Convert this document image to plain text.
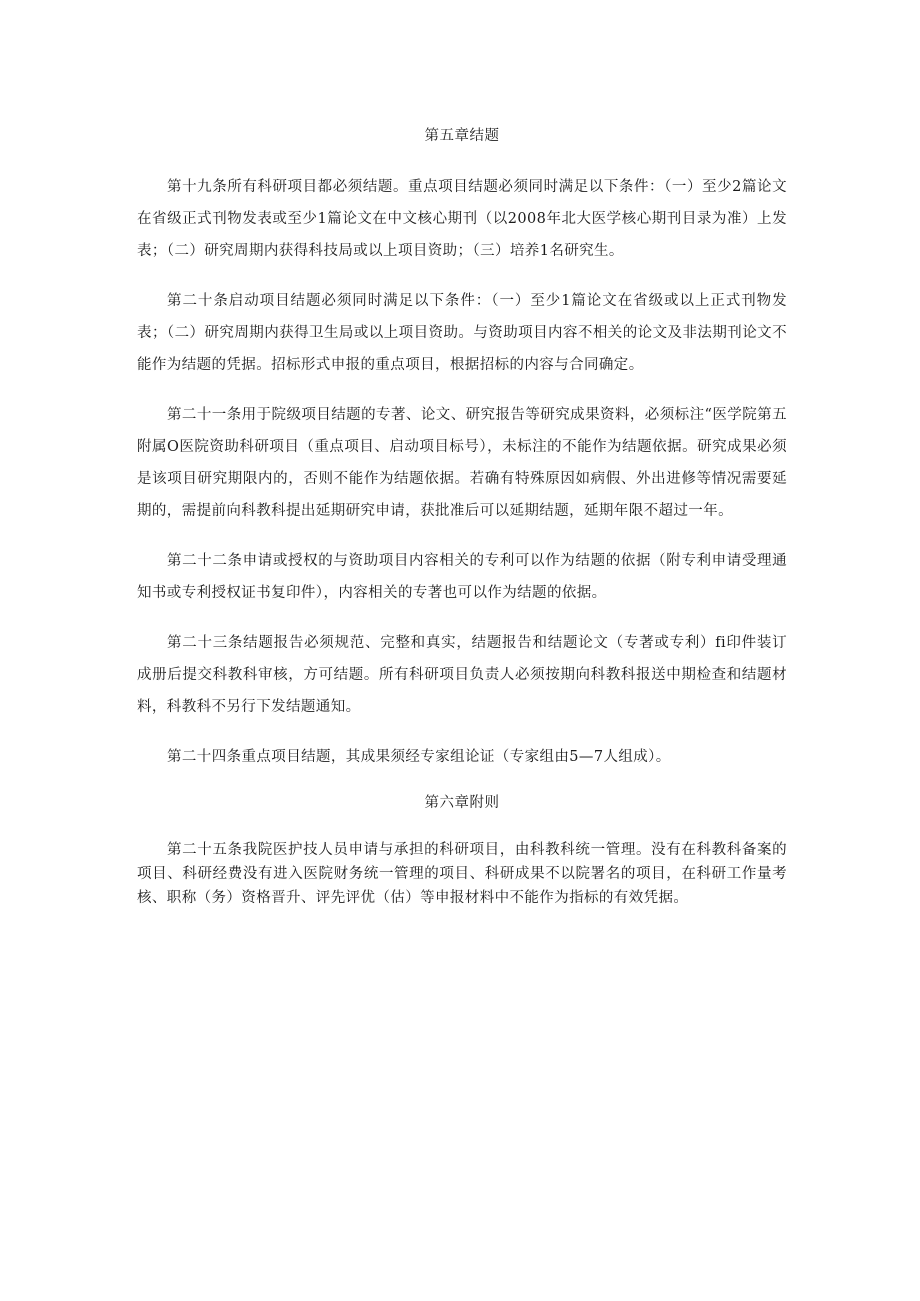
第五章结题

第十九条所有科研项目都必须结题。重点项目结题必须同时满足以下条件：（一）至少2篇论文在省级正式刊物发表或至少1篇论文在中文核心期刊（以2008年北大医学核心期刊目录为准）上发表；（二）研究周期内获得科技局或以上项目资助；（三）培养1名研究生。

第二十条启动项目结题必须同时满足以下条件：（一）至少1篇论文在省级或以上正式刊物发表；（二）研究周期内获得卫生局或以上项目资助。与资助项目内容不相关的论文及非法期刊论文不能作为结题的凭据。招标形式申报的重点项目，根据招标的内容与合同确定。

第二十一条用于院级项目结题的专著、论文、研究报告等研究成果资料，必须标注“医学院第五附属O医院资助科研项目（重点项目、启动项目标号），未标注的不能作为结题依据。研究成果必须是该项目研究期限内的，否则不能作为结题依据。若确有特殊原因如病假、外出进修等情况需要延期的，需提前向科教科提出延期研究申请，获批准后可以延期结题，延期年限不超过一年。

第二十二条申请或授权的与资助项目内容相关的专利可以作为结题的依据（附专利申请受理通知书或专利授权证书复印件），内容相关的专著也可以作为结题的依据。

第二十三条结题报告必须规范、完整和真实，结题报告和结题论文（专著或专利）fi印件装订成册后提交科教科审核，方可结题。所有科研项目负责人必须按期向科教科报送中期检查和结题材料，科教科不另行下发结题通知。

第二十四条重点项目结题，其成果须经专家组论证（专家组由5—7人组成）。

第六章附则

第二十五条我院医护技人员申请与承担的科研项目，由科教科统一管理。没有在科教科备案的项目、科研经费没有进入医院财务统一管理的项目、科研成果不以院署名的项目，在科研工作量考核、职称（务）资格晋升、评先评优（估）等申报材料中不能作为指标的有效凭据。
